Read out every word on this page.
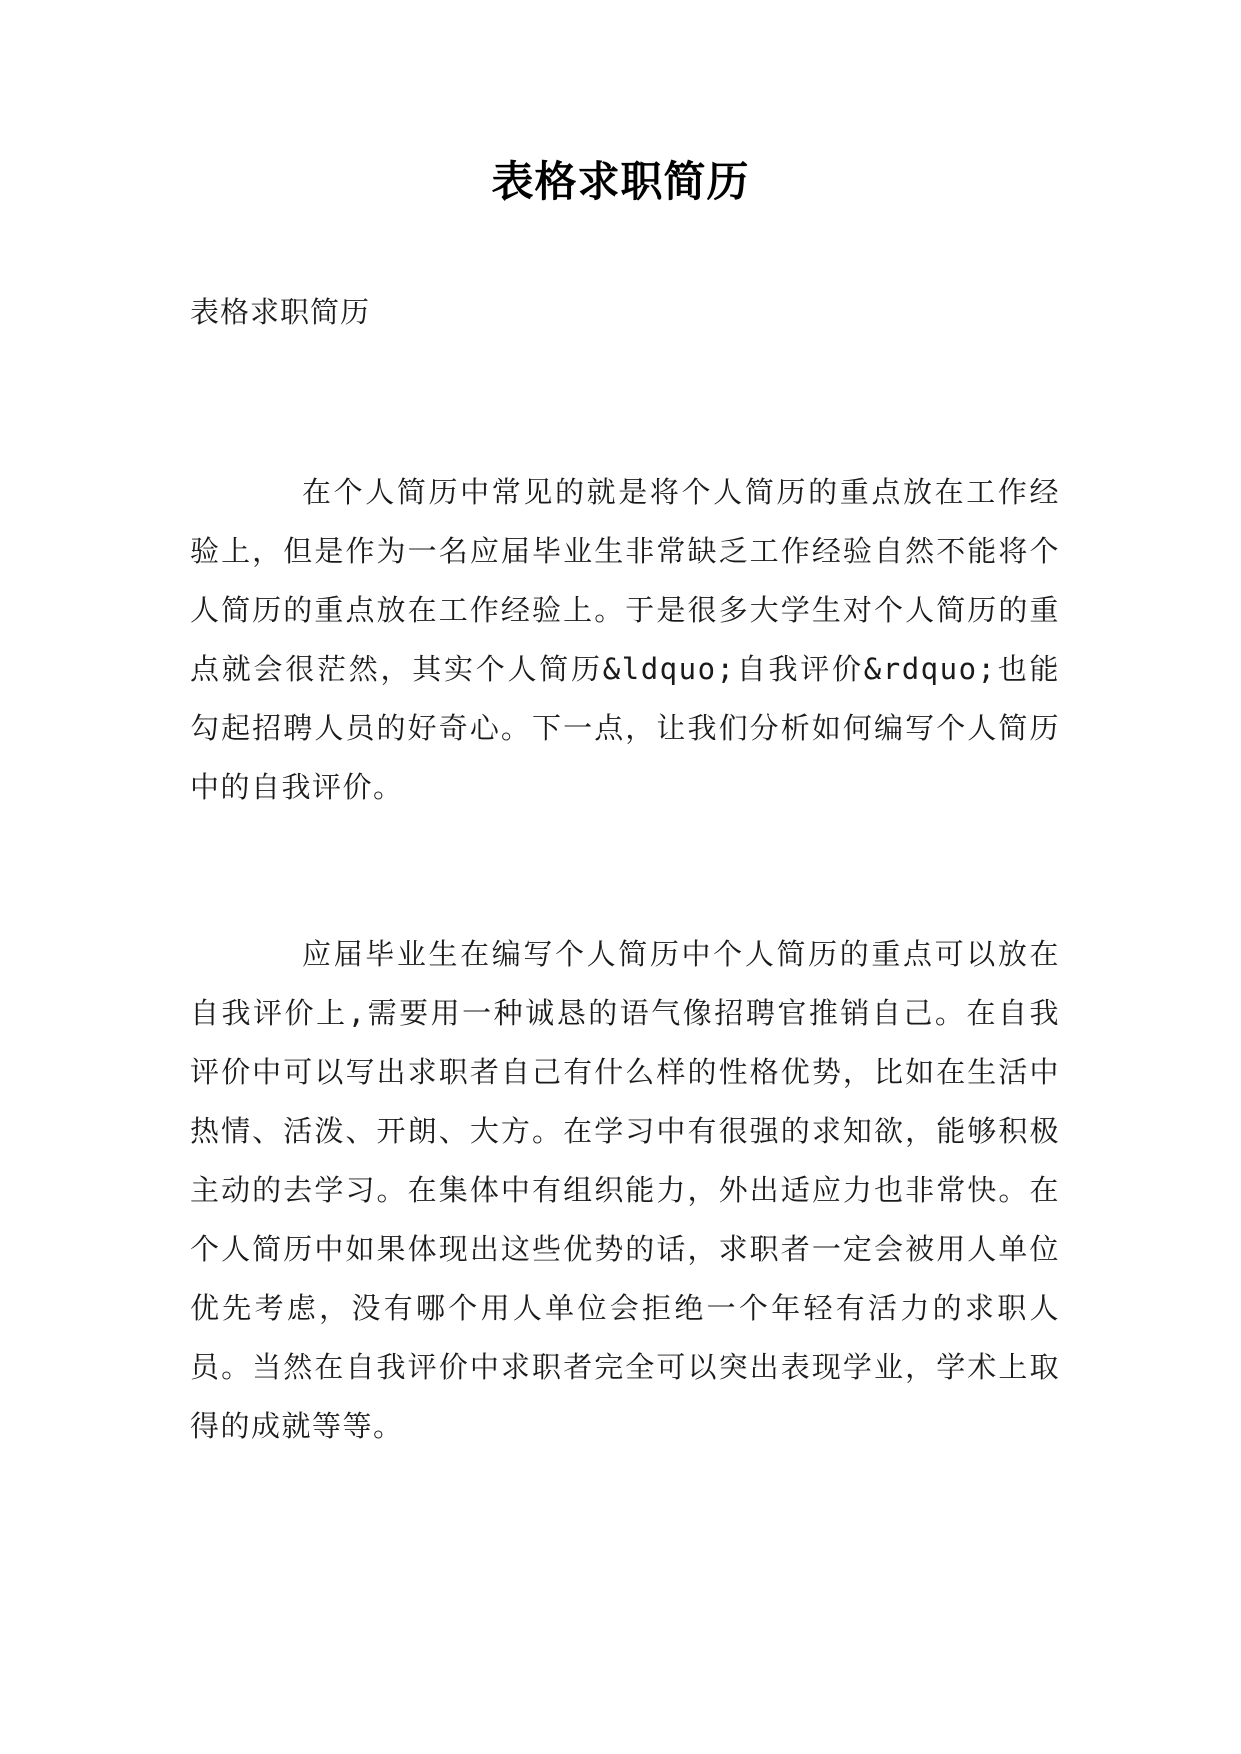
表格求职简历
表格求职简历

在个人简历中常见的就是将个人简历的重点放在工作经验上，但是作为一名应届毕业生非常缺乏工作经验自然不能将个人简历的重点放在工作经验上。于是很多大学生对个人简历的重点就会很茫然，其实个人简历&ldquo;自我评价&rdquo;也能勾起招聘人员的好奇心。下一点，让我们分析如何编写个人简历中的自我评价。

应届毕业生在编写个人简历中个人简历的重点可以放在自我评价上,需要用一种诚恳的语气像招聘官推销自己。在自我评价中可以写出求职者自己有什么样的性格优势，比如在生活中热情、活泼、开朗、大方。在学习中有很强的求知欲，能够积极主动的去学习。在集体中有组织能力，外出适应力也非常快。在个人简历中如果体现出这些优势的话，求职者一定会被用人单位优先考虑，没有哪个用人单位会拒绝一个年轻有活力的求职人员。当然在自我评价中求职者完全可以突出表现学业，学术上取得的成就等等。
